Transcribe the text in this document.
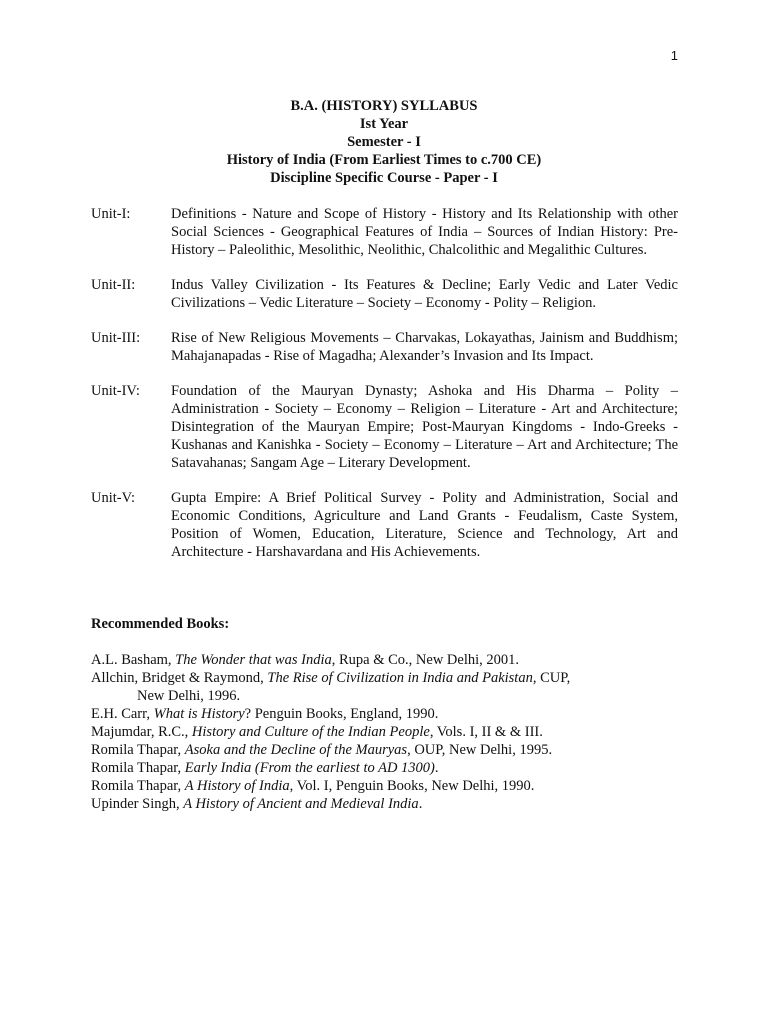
1
B.A. (HISTORY) SYLLABUS
Ist Year
Semester - I
History of India (From Earliest Times to c.700 CE)
Discipline Specific Course - Paper - I
Unit-I:	Definitions - Nature and Scope of History - History and Its Relationship with other Social Sciences - Geographical Features of India – Sources of Indian History: Pre-History – Paleolithic, Mesolithic, Neolithic, Chalcolithic and Megalithic Cultures.
Unit-II:	Indus Valley Civilization - Its Features & Decline; Early Vedic and Later Vedic Civilizations – Vedic Literature – Society – Economy - Polity – Religion.
Unit-III:	Rise of New Religious Movements – Charvakas, Lokayathas, Jainism and Buddhism; Mahajanapadas - Rise of Magadha; Alexander’s Invasion and Its Impact.
Unit-IV:	Foundation of the Mauryan Dynasty; Ashoka and His Dharma – Polity – Administration - Society – Economy – Religion – Literature - Art and Architecture; Disintegration of the Mauryan Empire; Post-Mauryan Kingdoms - Indo-Greeks - Kushanas and Kanishka - Society – Economy – Literature – Art and Architecture; The Satavahanas; Sangam Age – Literary Development.
Unit-V:	Gupta Empire: A Brief Political Survey - Polity and Administration, Social and Economic Conditions, Agriculture and Land Grants - Feudalism, Caste System, Position of Women, Education, Literature, Science and Technology, Art and Architecture - Harshavardana and His Achievements.
Recommended Books:
A.L. Basham, The Wonder that was India, Rupa & Co., New Delhi, 2001.
Allchin, Bridget & Raymond, The Rise of Civilization in India and Pakistan, CUP,
New Delhi, 1996.
E.H. Carr, What is History? Penguin Books, England, 1990.
Majumdar, R.C., History and Culture of the Indian People, Vols. I, II & & III.
Romila Thapar, Asoka and the Decline of the Mauryas, OUP, New Delhi, 1995.
Romila Thapar, Early India (From the earliest to AD 1300).
Romila Thapar, A History of India, Vol. I, Penguin Books, New Delhi, 1990.
Upinder Singh, A History of Ancient and Medieval India.
